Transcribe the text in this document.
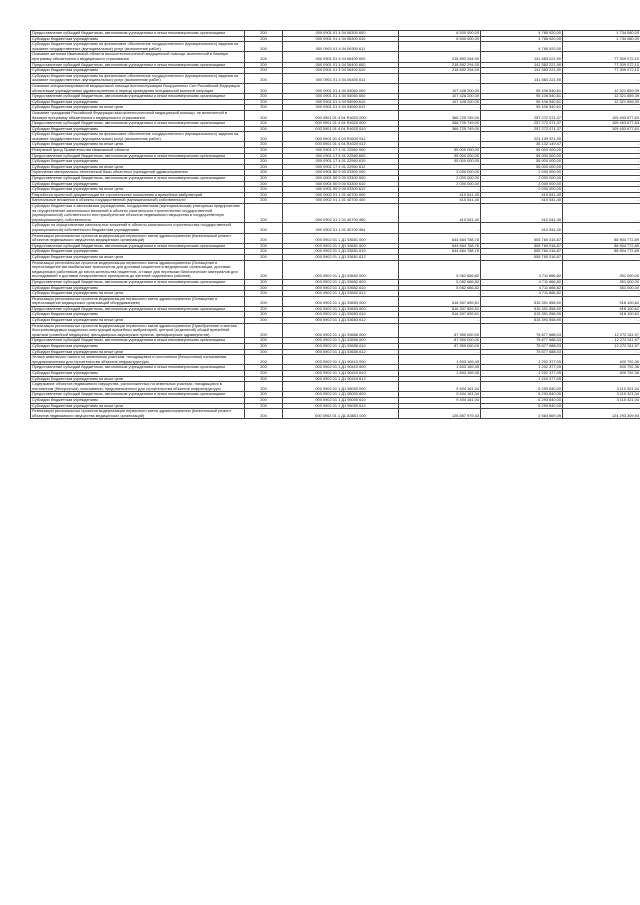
Предоставление субсидий бюджетным, автономным учреждениям и иным некоммерческим организациям	200	000 0901 01 4 04 06300 600	6 500 000,00	4 765 920,00	1 734 080,00
Субсидии бюджетным учреждениям	200	000 0901 01 4 04 06300 610	6 500 000,00	4 765 920,00	1 734 080,00
Субсидии бюджетным учреждениям на финансовое обеспечение государственного (муниципального) задания на оказание государственных (муниципальных) услуг (выполнение работ)	200	000 0901 01 4 04 06300 611	-	4 765 920,00	-
Оказание жителям Ивановской области высокотехнологичной медицинской помощи, включенной в базовую программу обязательного медицинского страхования	200	000 0901 01 4 04 06400 000	218 892 294,00	141 583 221,90	77 309 072,10
Предоставление субсидий бюджетным, автономным учреждениям и иным некоммерческим организациям	200	000 0901 01 4 04 06400 600	218 892 294,00	141 583 221,90	77 309 072,10
Субсидии бюджетным учреждениям	200	000 0901 01 4 04 06400 610	218 892 294,00	141 583 221,90	77 309 072,10
Субсидии бюджетным учреждениям на финансовое обеспечение государственного (муниципального) задания на оказание государственных (муниципальных) услуг (выполнение работ)	200	000 0901 01 4 04 06400 611	-	141 583 221,90	-
Оказание специализированной медицинской помощи военнослужащим Вооруженных Сил Российской Федерации областными учреждениями здравоохранения в период проведения специальной военной операции	200	000 0901 01 4 04 54060 000	107 428 200,00	95 106 540,61	12 321 659,39
Предоставление субсидий бюджетным, автономным учреждениям и иным некоммерческим организациям	200	000 0901 01 4 04 54060 600	107 428 200,00	95 106 540,61	12 321 659,39
Субсидии бюджетным учреждениям	200	000 0901 01 4 04 54060 610	107 428 200,00	95 106 540,61	12 321 659,39
Субсидии бюджетным учреждениям на иные цели	200	000 0901 01 4 04 54060 612	-	95 106 540,61	-
Оказание гражданам Российской Федерации высокотехнологичной медицинской помощи, не включенной в базовую программу обязательного медицинского страхования	200	000 0901 01 4 04 R4020 000	366 725 749,00	257 272 071,37	109 453 677,63
Предоставление субсидий бюджетным, автономным учреждениям и иным некоммерческим организациям	200	000 0901 01 4 04 R4020 600	366 725 749,00	257 272 071,37	109 453 677,63
Субсидии бюджетным учреждениям	200	000 0901 01 4 04 R4020 610	366 725 749,00	257 272 071,37	109 453 677,63
Субсидии бюджетным учреждениям на финансовое обеспечение государственного (муниципального) задания на оказание государственных (муниципальных) услуг (выполнение работ)	200	000 0901 01 4 04 R4020 611	-	221 139 921,90	-
Субсидии бюджетным учреждениям на иные цели	200	000 0901 01 4 04 R4020 612	-	36 132 149,47	-
Резервный фонд Правительства Ивановской области	200	000 0901 17 4 01 22960 000	55 000 000,00	55 000 000,00	-
Предоставление субсидий бюджетным, автономным учреждениям и иным некоммерческим организациям	200	000 0901 17 4 01 22960 600	55 000 000,00	55 000 000,00	-
Субсидии бюджетным учреждениям	200	000 0901 17 4 01 22960 610	55 000 000,00	55 000 000,00	-
Субсидии бюджетным учреждениям на иные цели	200	000 0901 17 4 01 22960 612	-	55 000 000,00	-
Укрепление материально-технической базы областных учреждений здравоохранения	200	000 0901 50 9 00 03300 000	2 000 000,00	2 000 000,00	-
Предоставление субсидий бюджетным, автономным учреждениям и иным некоммерческим организациям	200	000 0901 50 9 00 03300 600	2 000 000,00	2 000 000,00	-
Субсидии бюджетным учреждениям	200	000 0901 50 9 00 03300 610	2 000 000,00	2 000 000,00	-
Субсидии бюджетным учреждениям на иные цели	200	000 0901 50 9 00 03300 612	-	2 000 000,00	-
Разработка проектной документации на строительство поликлиник и врачебных амбулаторий	200	000 0902 01 1 01 40700 000	410 541,40	410 541,40	-
Капитальные вложения в объекты государственной (муниципальной) собственности	200	000 0902 01 1 01 40700 400	410 541,40	410 541,40	-
Субсидии бюджетным и автономным учреждениям, государственным (муниципальным) унитарным предприятиям на осуществление капитальных вложений в объекты капитального строительства государственной (муниципальной) собственности или приобретение объектов недвижимого имущества в государственную (муниципальную) собственность	200	000 0902 01 1 01 40700 460	410 541,40	410 541,40	-
Субсидии на осуществление капитальных вложений в объекты капитального строительства государственной (муниципальной) собственности бюджетным учреждениям	200	000 0902 01 1 01 40700 464	-	410 541,40	-
Реализация региональных проектов модернизации первичного звена здравоохранения (Капитальный ремонт объектов недвижимого имущества медицинских организаций)	200	000 0902 01 1 Д1 53651 000	644 664 788,76	555 760 016,87	88 904 772,89
Предоставление субсидий бюджетным, автономным учреждениям и иным некоммерческим организациям	200	000 0902 01 1 Д1 53651 600	644 664 788,76	555 760 016,87	88 904 772,89
Субсидии бюджетным учреждениям	200	000 0902 01 1 Д1 53651 610	644 664 788,76	555 760 016,87	88 904 772,89
Субсидии бюджетным учреждениям на иные цели	200	000 0902 01 1 Д1 53651 612	-	555 760 016,87	-
Реализация региональных проектов модернизации первичного звена здравоохранения (Оснащение и переоснащение автомобильным транспортом для доставки пациентов в медицинские организации, доставки медицинских работников до места жительства пациентов, а также для перевозки биологических материалов для исследований и доставки лекарственных препаратов до жителей отдаленных районов)	200	000 0902 01 1 Д1 53652 000	5 062 666,82	4 711 666,82	351 000,00
Предоставление субсидий бюджетным, автономным учреждениям и иным некоммерческим организациям	200	000 0902 01 1 Д1 53652 600	5 062 666,82	4 711 666,82	351 000,00
Субсидии бюджетным учреждениям	200	000 0902 01 1 Д1 53652 610	5 062 666,82	4 711 666,82	351 000,00
Субсидии бюджетным учреждениям на иные цели	200	000 0902 01 1 Д1 53652 612	-	4 711 666,82	-
Реализация региональных проектов модернизации первичного звена здравоохранения (Оснащение и переоснащение медицинских организаций оборудованием)	200	000 0902 01 1 Д1 53653 000	516 307 659,51	515 391 558,90	916 100,61
Предоставление субсидий бюджетным, автономным учреждениям и иным некоммерческим организациям	200	000 0902 01 1 Д1 53653 600	516 307 659,51	515 391 558,90	916 100,61
Субсидии бюджетным учреждениям	200	000 0902 01 1 Д1 53653 610	516 307 659,51	515 391 558,90	916 100,61
Субсидии бюджетным учреждениям на иные цели	200	000 0902 01 1 Д1 53653 612	-	515 391 558,90	-
Реализация региональных проектов модернизации первичного звена здравоохранения (Приобретение и монтаж быстровозводимых модульных конструкций врачебных амбулаторий, центров (отделений) общей врачебной практики (семейной медицины), фельдшерско-акушерских пунктов, фельдшерских здравпунктов)	200	000 0902 01 1 Д1 53656 000	87 950 000,00	75 677 688,03	12 272 311,97
Предоставление субсидий бюджетным, автономным учреждениям и иным некоммерческим организациям	200	000 0902 01 1 Д1 53656 600	87 950 000,00	75 677 688,03	12 272 311,97
Субсидии бюджетным учреждениям	200	000 0902 01 1 Д1 53656 610	87 950 000,00	75 677 688,03	12 272 311,97
Субсидии бюджетным учреждениям на иные цели	200	000 0902 01 1 Д1 53656 612	-	75 677 688,03	-
Уплата земельного налога по земельным участкам, находящимся в постоянном (бессрочном) пользовании, предназначенным для строительства объектов инфраструктуры	200	000 0902 01 1 Д1 90410 000	1 603 169,45	1 202 377,05	400 792,36
Предоставление субсидий бюджетным, автономным учреждениям и иным некоммерческим организациям	200	000 0902 01 1 Д1 90410 600	1 603 169,45	1 202 377,05	400 792,36
Субсидии бюджетным учреждениям	200	000 0902 01 1 Д1 90410 610	1 603 169,45	1 202 377,05	400 792,36
Субсидии бюджетным учреждениям на иные цели	200	000 0902 01 1 Д1 90410 612	-	1 202 377,05	-
Содержание объектов недвижимого имущества, расположенных на земельных участках, находящихся в постоянном (бессрочном) пользовании, предназначенных для строительства объектов инфраструктуры	200	000 0902 01 1 Д1 95000 000	9 404 161,04	6 293 840,00	3 110 321,04
Предоставление субсидий бюджетным, автономным учреждениям и иным некоммерческим организациям	200	000 0902 01 1 Д1 95000 600	9 404 161,04	6 293 840,00	3 110 321,04
Субсидии бюджетным учреждениям	200	000 0902 01 1 Д1 95000 610	9 404 161,04	6 293 840,00	3 110 321,04
Субсидии бюджетным учреждениям на иные цели	200	000 0902 01 1 Д1 95000 612	-	6 293 840,00	-
Реализация региональных проектов модернизации первичного звена здравоохранения (Капитальный ремонт объектов недвижимого имущества медицинских организаций)	200	000 0902 01 1 Д1 А3651 000	126 857 979,43	2 564 669,49	124 293 309,94
